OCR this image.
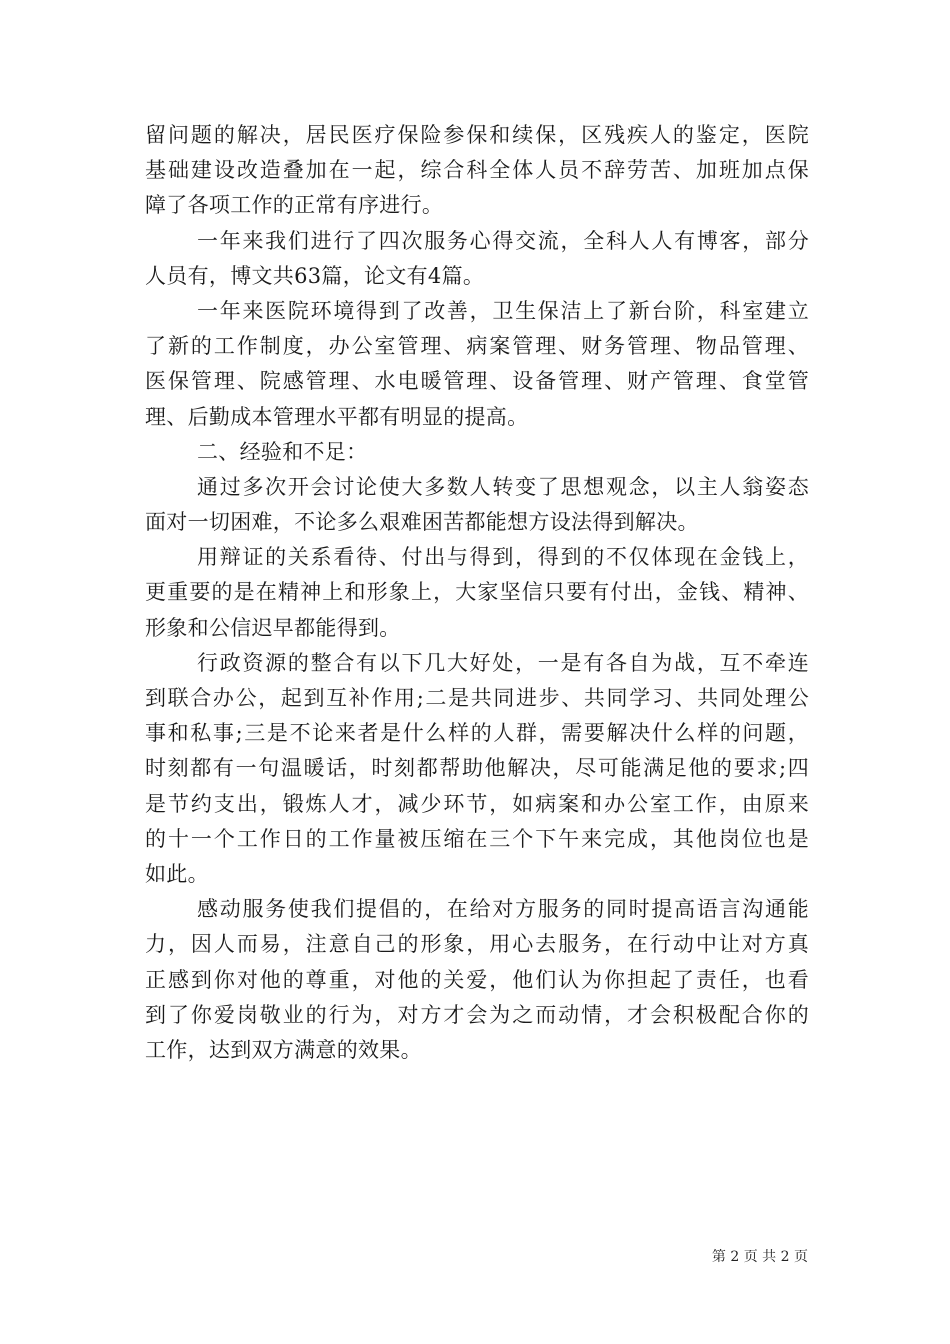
留问题的解决，居民医疗保险参保和续保，区残疾人的鉴定，医院
基础建设改造叠加在一起，综合科全体人员不辞劳苦、加班加点保
障了各项工作的正常有序进行。
一年来我们进行了四次服务心得交流，全科人人有博客，部分
人员有，博文共63篇，论文有4篇。
一年来医院环境得到了改善，卫生保洁上了新台阶，科室建立
了新的工作制度，办公室管理、病案管理、财务管理、物品管理、
医保管理、院感管理、水电暖管理、设备管理、财产管理、食堂管
理、后勤成本管理水平都有明显的提高。
二、经验和不足：
通过多次开会讨论使大多数人转变了思想观念，以主人翁姿态
面对一切困难，不论多么艰难困苦都能想方设法得到解决。
用辩证的关系看待、付出与得到，得到的不仅体现在金钱上，
更重要的是在精神上和形象上，大家坚信只要有付出，金钱、精神、
形象和公信迟早都能得到。
行政资源的整合有以下几大好处，一是有各自为战，互不牵连
到联合办公，起到互补作用;二是共同进步、共同学习、共同处理公
事和私事;三是不论来者是什么样的人群，需要解决什么样的问题，
时刻都有一句温暖话，时刻都帮助他解决，尽可能满足他的要求;四
是节约支出，锻炼人才，减少环节，如病案和办公室工作，由原来
的十一个工作日的工作量被压缩在三个下午来完成，其他岗位也是
如此。
感动服务使我们提倡的，在给对方服务的同时提高语言沟通能
力，因人而易，注意自己的形象，用心去服务，在行动中让对方真
正感到你对他的尊重，对他的关爱，他们认为你担起了责任，也看
到了你爱岗敬业的行为，对方才会为之而动情，才会积极配合你的
工作，达到双方满意的效果。
第 2 页 共 2 页
